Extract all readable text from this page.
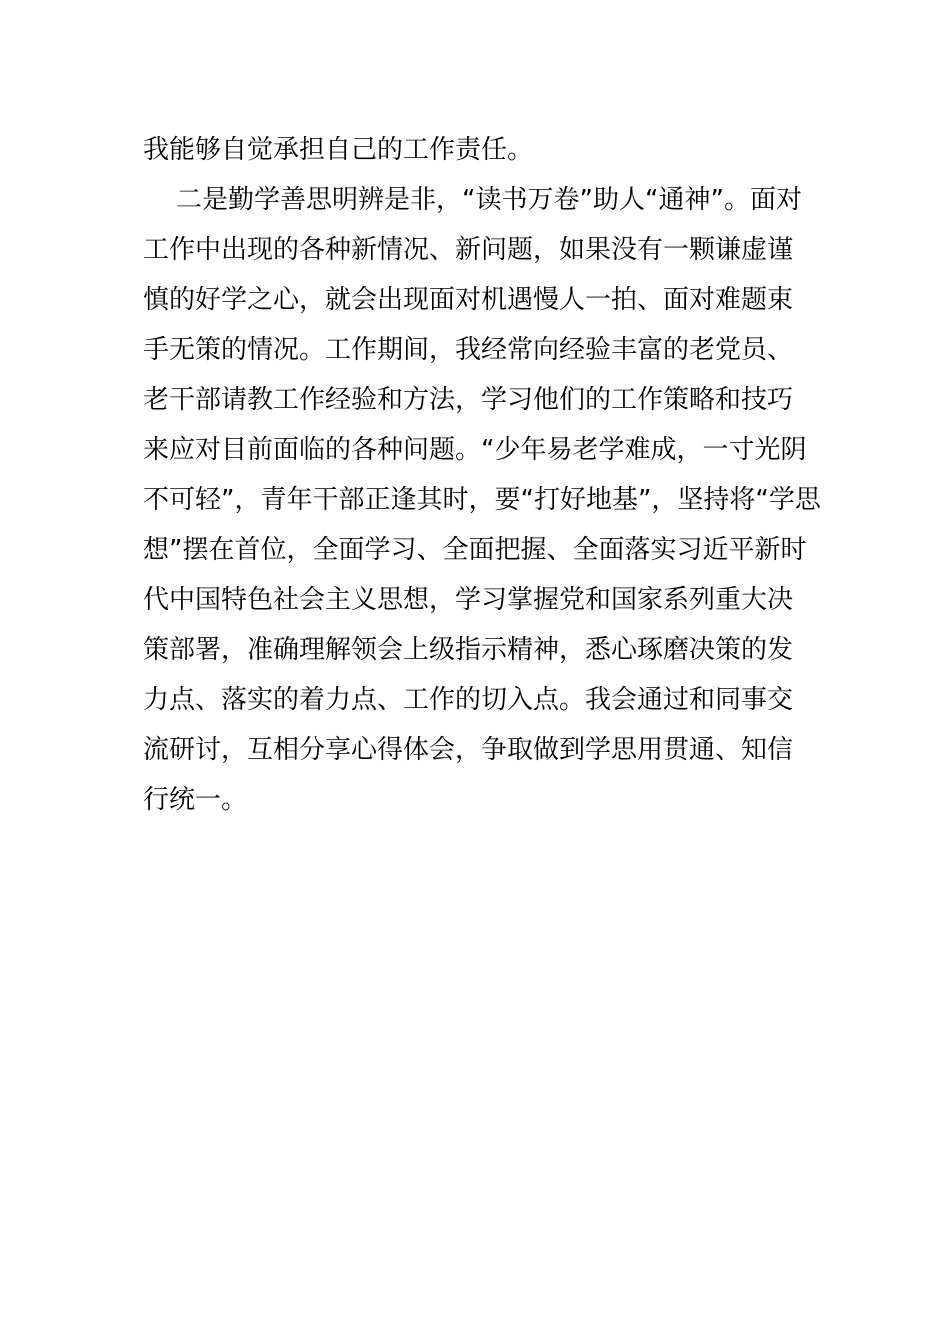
我能够自觉承担自己的工作责任。
二是勤学善思明辨是非，“读书万卷”助人“通神”。面对
工作中出现的各种新情况、新问题，如果没有一颗谦虚谨
慎的好学之心，就会出现面对机遇慢人一拍、面对难题束
手无策的情况。工作期间，我经常向经验丰富的老党员、
老干部请教工作经验和方法，学习他们的工作策略和技巧
来应对目前面临的各种问题。“少年易老学难成，一寸光阴
不可轻”，青年干部正逢其时，要“打好地基”，坚持将“学思
想”摆在首位，全面学习、全面把握、全面落实习近平新时
代中国特色社会主义思想，学习掌握党和国家系列重大决
策部署，准确理解领会上级指示精神，悉心琢磨决策的发
力点、落实的着力点、工作的切入点。我会通过和同事交
流研讨，互相分享心得体会，争取做到学思用贯通、知信
行统一。
